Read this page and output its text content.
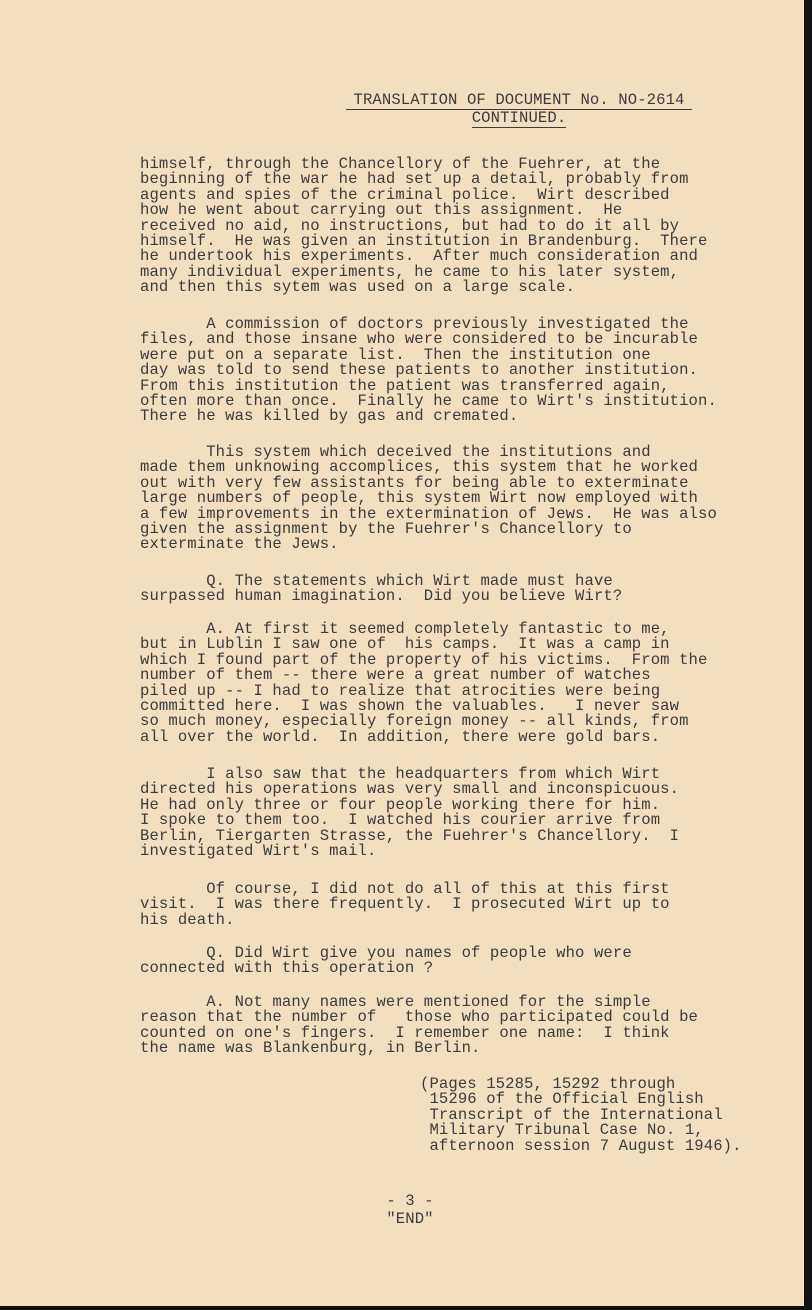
TRANSLATION OF DOCUMENT No. NO-2614
CONTINUED.
himself, through the Chancellory of the Fuehrer, at the
beginning of the war he had set up a detail, probably from
agents and spies of the criminal police.  Wirt described
how he went about carrying out this assignment.  He
received no aid, no instructions, but had to do it all by
himself.  He was given an institution in Brandenburg.  There
he undertook his experiments.  After much consideration and
many individual experiments, he came to his later system,
and then this sytem was used on a large scale.
A commission of doctors previously investigated the
files, and those insane who were considered to be incurable
were put on a separate list.  Then the institution one
day was told to send these patients to another institution.
From this institution the patient was transferred again,
often more than once.  Finally he came to Wirt's institution.
There he was killed by gas and cremated.
This system which deceived the institutions and
made them unknowing accomplices, this system that he worked
out with very few assistants for being able to exterminate
large numbers of people, this system Wirt now employed with
a few improvements in the extermination of Jews.  He was also
given the assignment by the Fuehrer's Chancellory to
exterminate the Jews.
Q. The statements which Wirt made must have
surpassed human imagination.  Did you believe Wirt?
A. At first it seemed completely fantastic to me,
but in Lublin I saw one of  his camps.  It was a camp in
which I found part of the property of his victims.  From the
number of them -- there were a great number of watches
piled up -- I had to realize that atrocities were being
committed here.  I was shown the valuables.   I never saw
so much money, especially foreign money -- all kinds, from
all over the world.  In addition, there were gold bars.
I also saw that the headquarters from which Wirt
directed his operations was very small and inconspicuous.
He had only three or four people working there for him.
I spoke to them too.  I watched his courier arrive from
Berlin, Tiergarten Strasse, the Fuehrer's Chancellory.  I
investigated Wirt's mail.
Of course, I did not do all of this at this first
visit.  I was there frequently.  I prosecuted Wirt up to
his death.
Q. Did Wirt give you names of people who were
connected with this operation ?
A. Not many names were mentioned for the simple
reason that the number of   those who participated could be
counted on one's fingers.  I remember one name:  I think
the name was Blankenburg, in Berlin.
(Pages 15285, 15292 through
15296 of the Official English
Transcript of the International
Military Tribunal Case No. 1,
afternoon session 7 August 1946).
- 3 -
"END"
